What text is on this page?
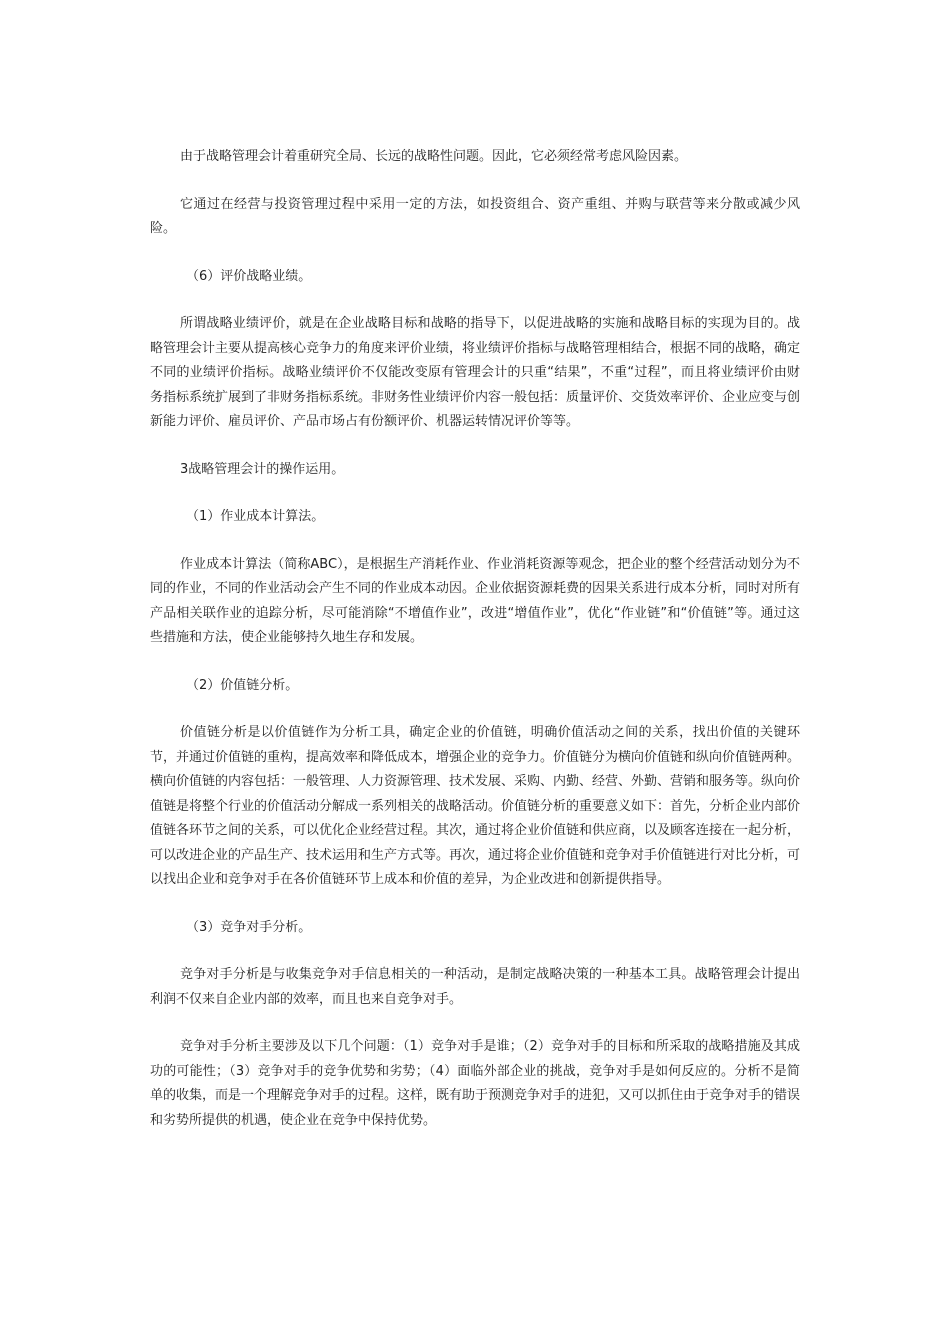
由于战略管理会计着重研究全局、长远的战略性问题。因此，它必须经常考虑风险因素。

它通过在经营与投资管理过程中采用一定的方法，如投资组合、资产重组、并购与联营等来分散或减少风险。

（6）评价战略业绩。

所谓战略业绩评价，就是在企业战略目标和战略的指导下，以促进战略的实施和战略目标的实现为目的。战略管理会计主要从提高核心竞争力的角度来评价业绩，将业绩评价指标与战略管理相结合，根据不同的战略，确定不同的业绩评价指标。战略业绩评价不仅能改变原有管理会计的只重“结果”，不重“过程”，而且将业绩评价由财务指标系统扩展到了非财务指标系统。非财务性业绩评价内容一般包括：质量评价、交货效率评价、企业应变与创新能力评价、雇员评价、产品市场占有份额评价、机器运转情况评价等等。

3战略管理会计的操作运用。

（1）作业成本计算法。

作业成本计算法（简称ABC），是根据生产消耗作业、作业消耗资源等观念，把企业的整个经营活动划分为不同的作业，不同的作业活动会产生不同的作业成本动因。企业依据资源耗费的因果关系进行成本分析，同时对所有产品相关联作业的追踪分析，尽可能消除“不增值作业”，改进“增值作业”，优化“作业链”和“价值链”等。通过这些措施和方法，使企业能够持久地生存和发展。

（2）价值链分析。

价值链分析是以价值链作为分析工具，确定企业的价值链，明确价值活动之间的关系，找出价值的关键环节，并通过价值链的重构，提高效率和降低成本，增强企业的竞争力。价值链分为横向价值链和纵向价值链两种。横向价值链的内容包括：一般管理、人力资源管理、技术发展、采购、内勤、经营、外勤、营销和服务等。纵向价值链是将整个行业的价值活动分解成一系列相关的战略活动。价值链分析的重要意义如下：首先，分析企业内部价值链各环节之间的关系，可以优化企业经营过程。其次，通过将企业价值链和供应商，以及顾客连接在一起分析，可以改进企业的产品生产、技术运用和生产方式等。再次，通过将企业价值链和竞争对手价值链进行对比分析，可以找出企业和竞争对手在各价值链环节上成本和价值的差异，为企业改进和创新提供指导。

（3）竞争对手分析。

竞争对手分析是与收集竞争对手信息相关的一种活动，是制定战略决策的一种基本工具。战略管理会计提出利润不仅来自企业内部的效率，而且也来自竞争对手。

竞争对手分析主要涉及以下几个问题：（1）竞争对手是谁；（2）竞争对手的目标和所采取的战略措施及其成功的可能性；（3）竞争对手的竞争优势和劣势；（4）面临外部企业的挑战，竞争对手是如何反应的。分析不是简单的收集，而是一个理解竞争对手的过程。这样，既有助于预测竞争对手的进犯，又可以抓住由于竞争对手的错误和劣势所提供的机遇，使企业在竞争中保持优势。
